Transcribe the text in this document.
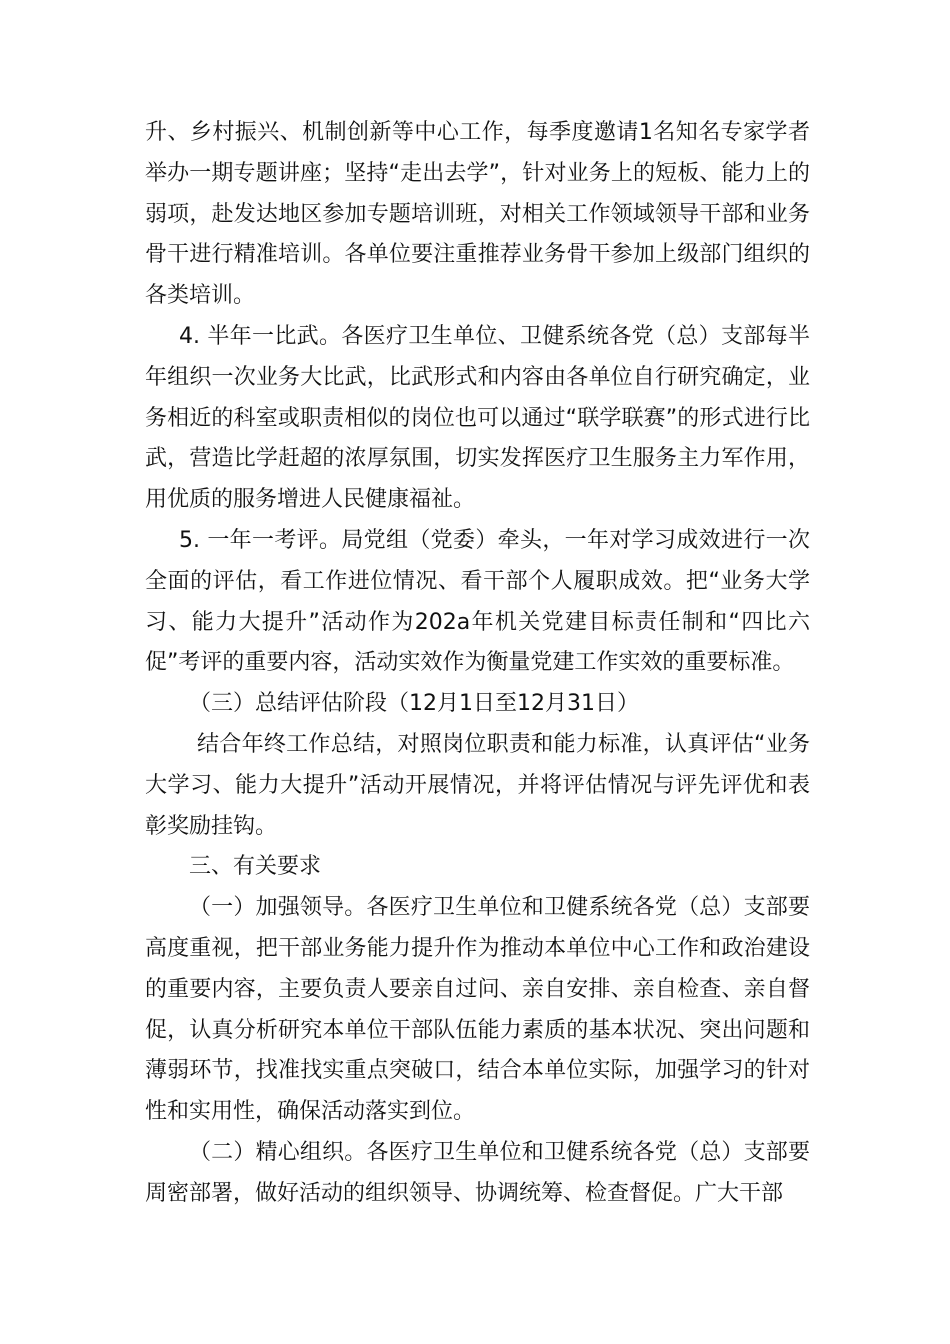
升、乡村振兴、机制创新等中心工作，每季度邀请1名知名专家学者举办一期专题讲座；坚持“走出去学”，针对业务上的短板、能力上的弱项，赴发达地区参加专题培训班，对相关工作领域领导干部和业务骨干进行精准培训。各单位要注重推荐业务骨干参加上级部门组织的各类培训。

4. 半年一比武。各医疗卫生单位、卫健系统各党（总）支部每半年组织一次业务大比武，比武形式和内容由各单位自行研究确定，业务相近的科室或职责相似的岗位也可以通过“联学联赛”的形式进行比武，营造比学赶超的浓厚氛围，切实发挥医疗卫生服务主力军作用，用优质的服务增进人民健康福祉。

5. 一年一考评。局党组（党委）牵头，一年对学习成效进行一次全面的评估，看工作进位情况、看干部个人履职成效。把“业务大学习、能力大提升”活动作为202a年机关党建目标责任制和“四比六促”考评的重要内容，活动实效作为衡量党建工作实效的重要标准。

（三）总结评估阶段（12月1日至12月31日）

结合年终工作总结，对照岗位职责和能力标准，认真评估“业务大学习、能力大提升”活动开展情况，并将评估情况与评先评优和表彰奖励挂钩。

三、有关要求

（一）加强领导。各医疗卫生单位和卫健系统各党（总）支部要高度重视，把干部业务能力提升作为推动本单位中心工作和政治建设的重要内容，主要负责人要亲自过问、亲自安排、亲自检查、亲自督促，认真分析研究本单位干部队伍能力素质的基本状况、突出问题和薄弱环节，找准找实重点突破口，结合本单位实际，加强学习的针对性和实用性，确保活动落实到位。

（二）精心组织。各医疗卫生单位和卫健系统各党（总）支部要周密部署，做好活动的组织领导、协调统筹、检查督促。广大干部
